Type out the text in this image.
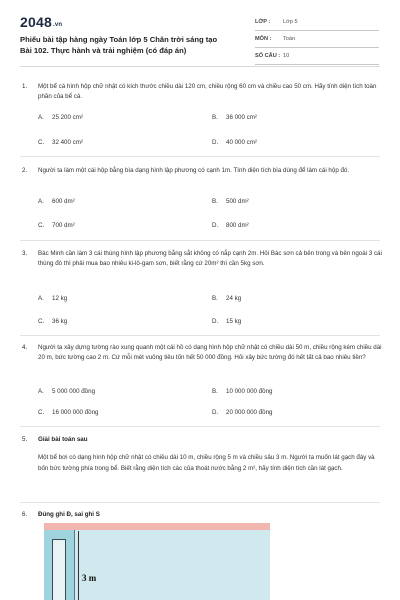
2048.vn
Phiếu bài tập hàng ngày Toán lớp 5 Chân trời sáng tạo Bài 102. Thực hành và trải nghiệm (có đáp án)
LỚP :	Lớp 5
MÔN :	Toán
SỐ CÂU : 10
1.	Một bể cá hình hộp chữ nhật có kích thước chiều dài 120 cm, chiều rộng 60 cm và chiều cao 50 cm. Hãy tính diện tích toàn phần của bể cá.
A. 25 200 cm²	B. 36 000 cm²
C. 32 400 cm²	D. 40 000 cm²
2.	Người ta làm một cái hộp bằng bìa dạng hình lập phương có cạnh 1m. Tính diện tích bìa dùng để làm cái hộp đó.
A. 600 dm²	B. 500 dm²
C. 700 dm²	D. 800 dm²
3.	Bác Minh cần làm 3 cái thùng hình lập phương bằng sắt không có nắp cạnh 2m. Hỏi Bác sơn cả bên trong và bên ngoài 3 cái thùng đó thì phải mua bao nhiêu ki-lô-gam sơn, biết rằng cứ 20m² thì cần 5kg sơn.
A. 12 kg	B. 24 kg
C. 36 kg	D. 15 kg
4.	Người ta xây dựng tường rào xung quanh một cái hồ có dạng hình hộp chữ nhật có chiều dài 50 m, chiều rộng kém chiều dài 20 m, bức tường cao 2 m. Cứ mỗi mét vuông tiêu tốn hết 50 000 đồng. Hỏi xây bức tường đó hết tất cả bao nhiêu tiền?
A. 5 000 000 đồng	B. 10 000 000 đồng
C. 16 000 000 đồng	D. 20 000 000 đồng
5.	Giải bài toán sau
Một bể bơi có dạng hình hộp chữ nhật có chiều dài 10 m, chiều rộng 5 m và chiều sâu 3 m. Người ta muốn lát gạch đáy và bốn bức tường phía trong bể. Biết rằng diện tích các của thoát nước bằng 2 m², hãy tính diện tích cần lát gạch.
6.	Đúng ghi Đ, sai ghi S
3 m
